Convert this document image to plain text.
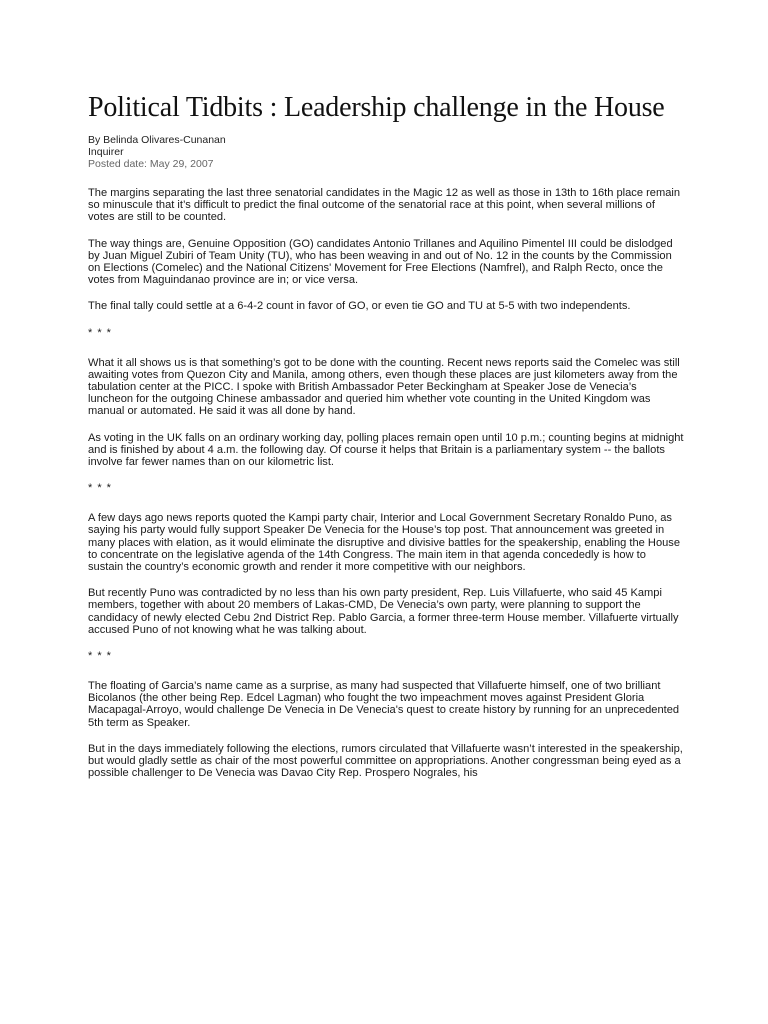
Political Tidbits : Leadership challenge in the House
By Belinda Olivares-Cunanan
Inquirer
Posted date: May 29, 2007

The margins separating the last three senatorial candidates in the Magic 12 as well as those in 13th to 16th place remain so minuscule that it’s difficult to predict the final outcome of the senatorial race at this point, when several millions of votes are still to be counted.

The way things are, Genuine Opposition (GO) candidates Antonio Trillanes and Aquilino Pimentel III could be dislodged by Juan Miguel Zubiri of Team Unity (TU), who has been weaving in and out of No. 12 in the counts by the Commission on Elections (Comelec) and the National Citizens' Movement for Free Elections (Namfrel), and Ralph Recto, once the votes from Maguindanao province are in; or vice versa.

The final tally could settle at a 6-4-2 count in favor of GO, or even tie GO and TU at 5-5 with two independents.

* * *

What it all shows us is that something’s got to be done with the counting. Recent news reports said the Comelec was still awaiting votes from Quezon City and Manila, among others, even though these places are just kilometers away from the tabulation center at the PICC. I spoke with British Ambassador Peter Beckingham at Speaker Jose de Venecia’s luncheon for the outgoing Chinese ambassador and queried him whether vote counting in the United Kingdom was manual or automated. He said it was all done by hand.

As voting in the UK falls on an ordinary working day, polling places remain open until 10 p.m.; counting begins at midnight and is finished by about 4 a.m. the following day. Of course it helps that Britain is a parliamentary system -- the ballots involve far fewer names than on our kilometric list.

* * *

A few days ago news reports quoted the Kampi party chair, Interior and Local Government Secretary Ronaldo Puno, as saying his party would fully support Speaker De Venecia for the House’s top post. That announcement was greeted in many places with elation, as it would eliminate the disruptive and divisive battles for the speakership, enabling the House to concentrate on the legislative agenda of the 14th Congress. The main item in that agenda concededly is how to sustain the country’s economic growth and render it more competitive with our neighbors.

But recently Puno was contradicted by no less than his own party president, Rep. Luis Villafuerte, who said 45 Kampi members, together with about 20 members of Lakas-CMD, De Venecia’s own party, were planning to support the candidacy of newly elected Cebu 2nd District Rep. Pablo Garcia, a former three-term House member. Villafuerte virtually accused Puno of not knowing what he was talking about.

* * *

The floating of Garcia’s name came as a surprise, as many had suspected that Villafuerte himself, one of two brilliant Bicolanos (the other being Rep. Edcel Lagman) who fought the two impeachment moves against President Gloria Macapagal-Arroyo, would challenge De Venecia in De Venecia's quest to create history by running for an unprecedented 5th term as Speaker.

But in the days immediately following the elections, rumors circulated that Villafuerte wasn’t interested in the speakership, but would gladly settle as chair of the most powerful committee on appropriations. Another congressman being eyed as a possible challenger to De Venecia was Davao City Rep. Prospero Nograles, his
